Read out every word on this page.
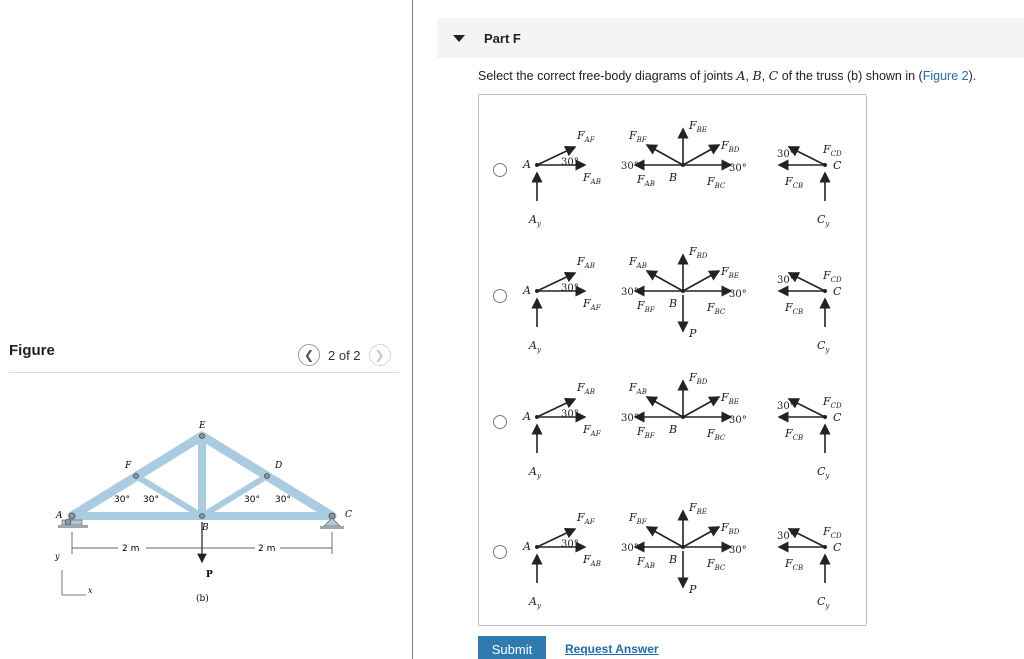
Figure	❮ 2 of 2 ❯
A
B
C
D
E
F
30° 30°	30° 30°
2 m	2 m
P
y
x
(b)
Part F
Select the correct free-body diagrams of joints A, B, C of the truss (b) shown in (Figure 2).
A
FAF
FAB
30°
Ay
FBF
FBE
FBD
FAB	FBC
30°	30°
B
C
FCD
FCB
30°
Cy
A
FAB
FAF
30°
Ay
FAB
FBD
FBE
FBF	FBC
30°	30°
B
P
C
FCD
FCB
30°
Cy
A
FAB
FAF
30°
Ay
FAB
FBD
FBE
FBF	FBC
30°	30°
B
C
FCD
FCB
30°
Cy
A
FAF
FAB
30°
Ay
FBF
FBE
FBD
FAB	FBC
30°	30°
B
P
C
FCD
FCB
30°
Cy
Submit	Request Answer
